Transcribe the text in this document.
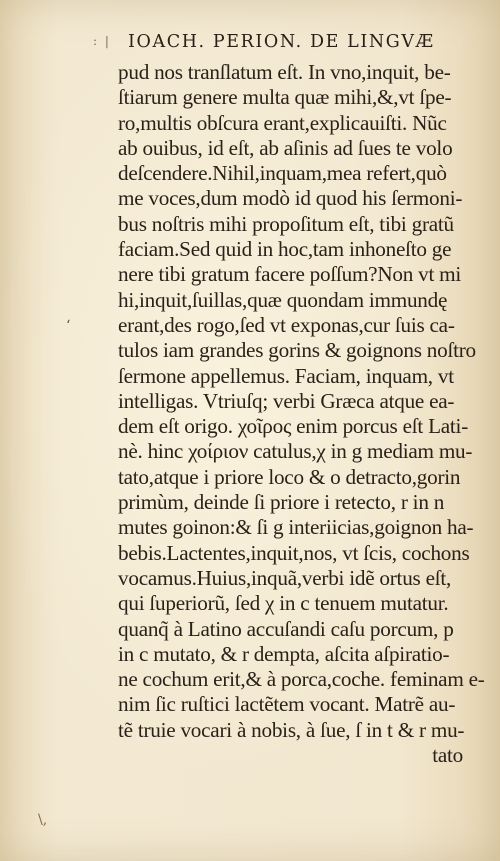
: | IOACH. PERION. DE LINGVÆ
‘
pud nos tranſlatum eſt. In vno,inquit, be-
ſtiarum genere multa quæ mihi,&,vt ſpe-
ro,multis obſcura erant,explicauiſti. Nũc
ab ouibus, id eſt, ab aſinis ad ſues te volo
deſcendere.Nihil,inquam,mea refert,quò
me voces,dum modò id quod his ſermoni-
bus noſtris mihi propoſitum eſt, tibi gratũ
faciam.Sed quid in hoc,tam inhoneſto ge
nere tibi gratum facere poſſum?Non vt mi
hi,inquit,ſuillas,quæ quondam immundę
erant,des rogo,ſed vt exponas,cur ſuis ca-
tulos iam grandes gorins & goignons noſtro
ſermone appellemus. Faciam, inquam, vt
intelligas. Vtriuſq; verbi Græca atque ea-
dem eſt origo. χοῖρος enim porcus eſt Lati-
nè. hinc χοίριον catulus,χ in g mediam mu-
tato,atque i priore loco & o detracto,gorin
primùm, deinde ſi priore i retecto, r in n
mutes goinon:& ſi g interiicias,goignon ha-
bebis.Lactentes,inquit,nos, vt ſcis, cochons
vocamus.Huius,inquã,verbi idẽ ortus eſt,
qui ſuperiorũ, ſed χ in c tenuem mutatur.
quanq̃ à Latino accuſandi caſu porcum, p
in c mutato, & r dempta, aſcita aſpiratio-
ne cochum erit,& à porca,coche. feminam e-
nim ſic ruſtici lactẽtem vocant. Matrẽ au-
tẽ truie vocari à nobis, à ſue, ſ in t & r mu-
tato
\,
